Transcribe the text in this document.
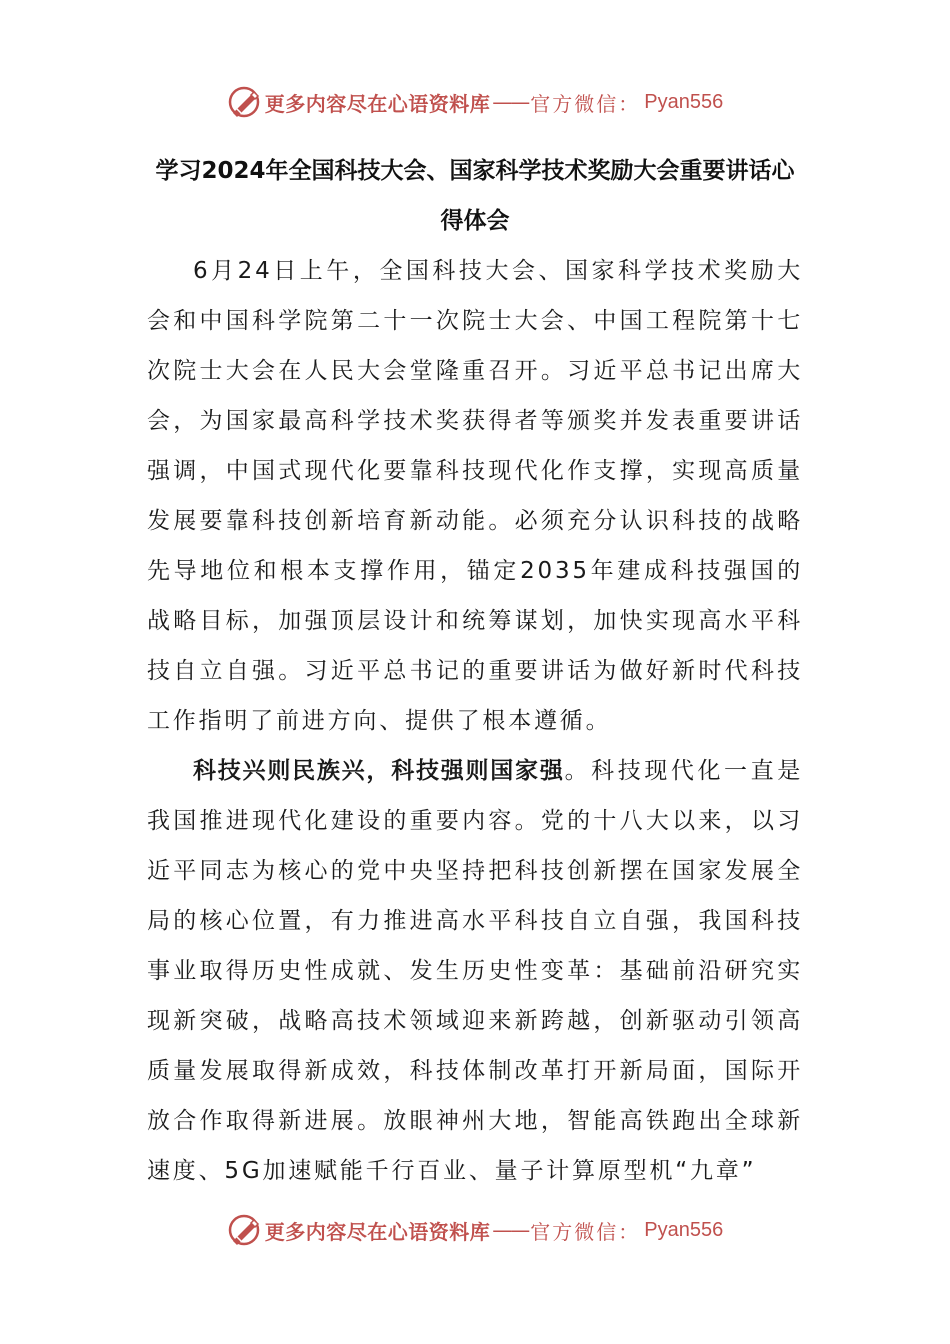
更多内容尽在心语资料库 —— 官方微信： Pyan556
学习2024年全国科技大会、国家科学技术奖励大会重要讲话心得体会

6月24日上午，全国科技大会、国家科学技术奖励大会和中国科学院第二十一次院士大会、中国工程院第十七次院士大会在人民大会堂隆重召开。习近平总书记出席大会，为国家最高科学技术奖获得者等颁奖并发表重要讲话强调，中国式现代化要靠科技现代化作支撑，实现高质量发展要靠科技创新培育新动能。必须充分认识科技的战略先导地位和根本支撑作用，锚定2035年建成科技强国的战略目标，加强顶层设计和统筹谋划，加快实现高水平科技自立自强。习近平总书记的重要讲话为做好新时代科技工作指明了前进方向、提供了根本遵循。

科技兴则民族兴，科技强则国家强。科技现代化一直是我国推进现代化建设的重要内容。党的十八大以来，以习近平同志为核心的党中央坚持把科技创新摆在国家发展全局的核心位置，有力推进高水平科技自立自强，我国科技事业取得历史性成就、发生历史性变革：基础前沿研究实现新突破，战略高技术领域迎来新跨越，创新驱动引领高质量发展取得新成效，科技体制改革打开新局面，国际开放合作取得新进展。放眼神州大地，智能高铁跑出全球新速度、5G加速赋能千行百业、量子计算原型机“九章”

更多内容尽在心语资料库 —— 官方微信： Pyan556
